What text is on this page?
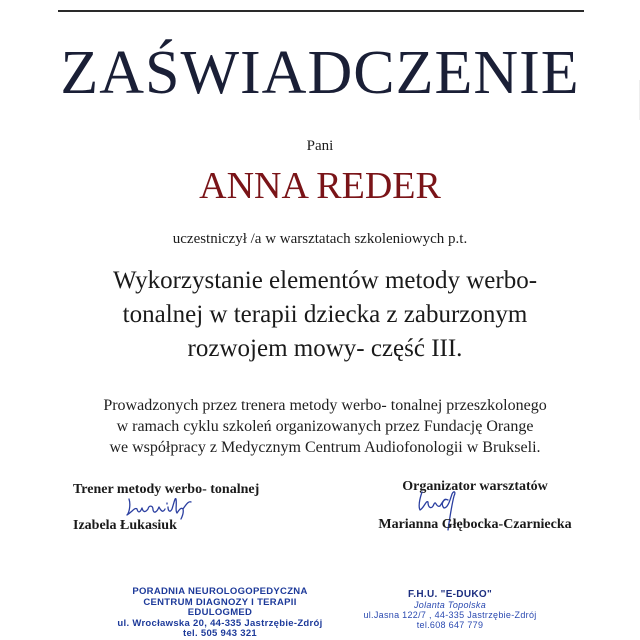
ZAŚWIADCZENIE
Pani
ANNA REDER
uczestniczył /a w warsztatach szkoleniowych p.t.
Wykorzystanie elementów metody werbo-
tonalnej w terapii dziecka z zaburzonym
rozwojem mowy- część III.
Prowadzonych przez trenera metody werbo- tonalnej przeszkolonego
w ramach cyklu szkoleń organizowanych przez Fundację Orange
we współpracy z Medycznym Centrum Audiofonologii w Brukseli.
Trener metody werbo- tonalnej
Izabela Łukasiuk
Organizator warsztatów
Marianna Głębocka-Czarniecka
PORADNIA NEUROLOGOPEDYCZNA
CENTRUM DIAGNOZY I TERAPII
EDULOGMED
ul. Wrocławska 20, 44-335 Jastrzębie-Zdrój
tel. 505 943 321
F.H.U. "E-DUKO"
Jolanta Topolska
ul.Jasna 122/7 , 44-335 Jastrzębie-Zdrój
tel.608 647 779
